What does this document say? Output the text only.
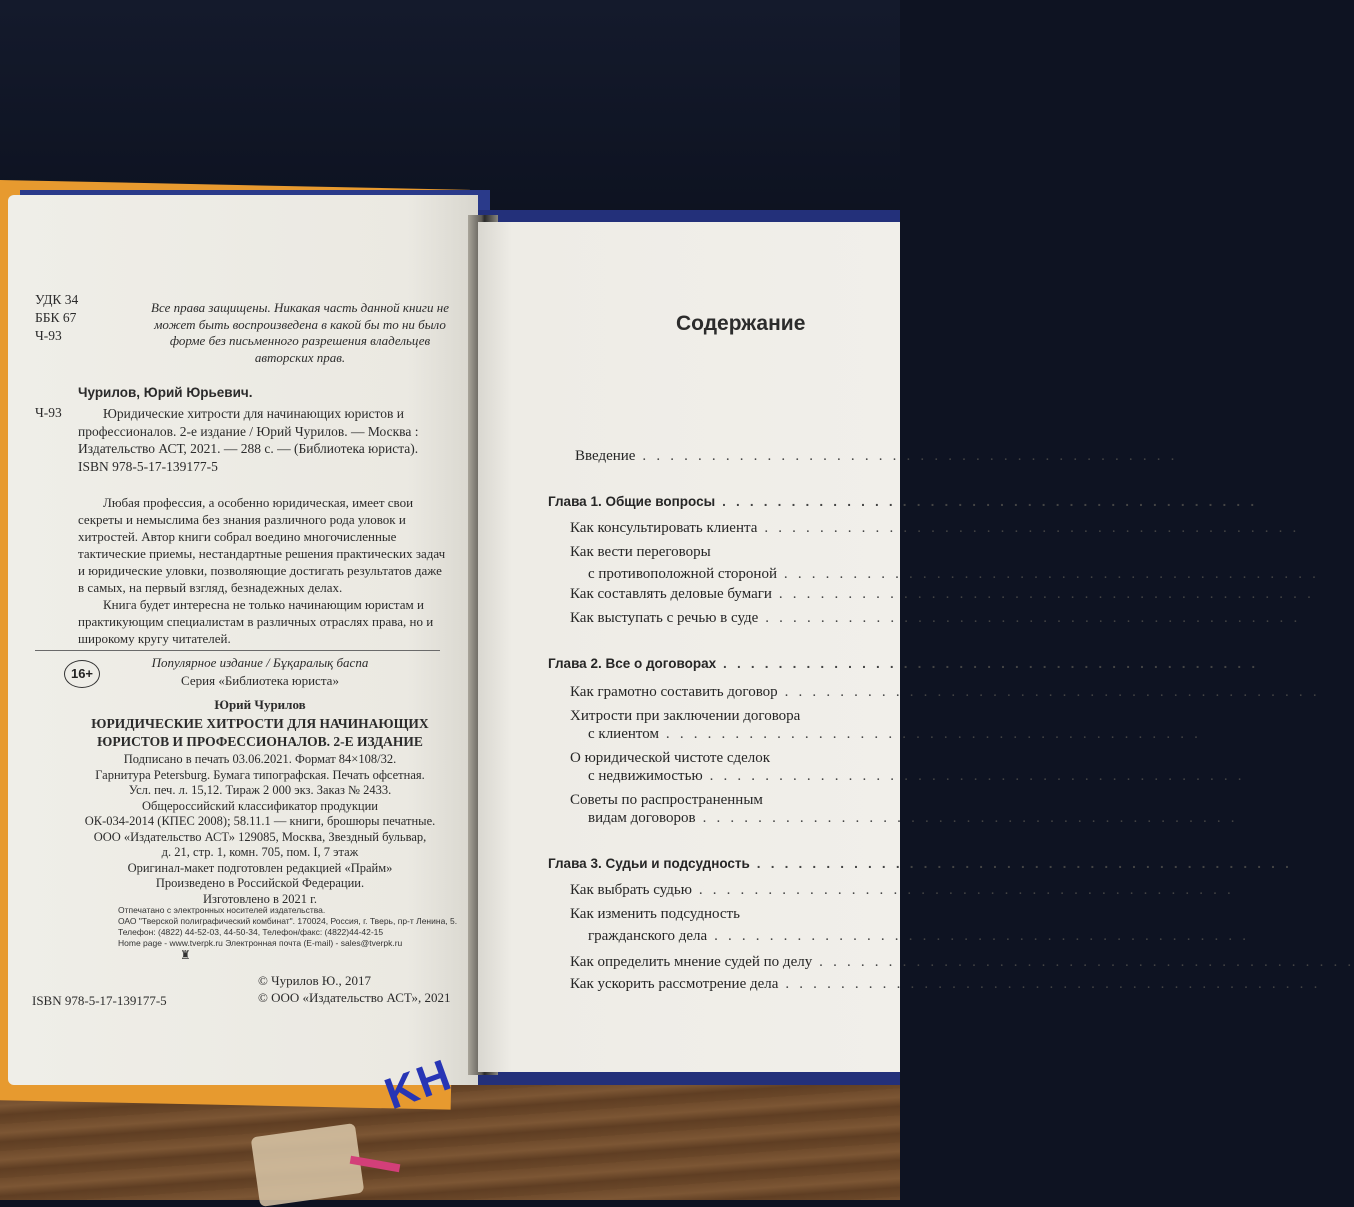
УДК 34
ББК 67
Ч-93
Все права защищены. Никакая часть данной книги не может быть воспроизведена в какой бы то ни было форме без письменного разрешения владельцев авторских прав.
Чурилов, Юрий Юрьевич.
Ч-93	Юридические хитрости для начинающих юристов и профессионалов. 2-е издание / Юрий Чурилов. — Москва : Издательство АСТ, 2021. — 288 с. — (Библиотека юриста).
ISBN 978-5-17-139177-5

Любая профессия, а особенно юридическая, имеет свои секреты и немыслима без знания различного рода уловок и хитростей. Автор книги собрал воедино многочисленные тактические приемы, нестандартные решения практических задач и юридические уловки, позволяющие достигать результатов даже в самых, на первый взгляд, безнадежных делах.

Книга будет интересна не только начинающим юристам и практикующим специалистам в различных отраслях права, но и широкому кругу читателей.

16+
Популярное издание / Бұқаралық баспа
Серия «Библиотека юриста»
Юрий Чурилов
ЮРИДИЧЕСКИЕ ХИТРОСТИ ДЛЯ НАЧИНАЮЩИХ ЮРИСТОВ И ПРОФЕССИОНАЛОВ. 2-Е ИЗДАНИЕ
Подписано в печать 03.06.2021. Формат 84×108/32.
Гарнитура Petersburg. Бумага типографская. Печать офсетная.
Усл. печ. л. 15,12. Тираж 2 000 экз. Заказ № 2433.
Общероссийский классификатор продукции
ОК-034-2014 (КПЕС 2008); 58.11.1 — книги, брошюры печатные.
ООО «Издательство АСТ» 129085, Москва, Звездный бульвар,
д. 21, стр. 1, комн. 705, пом. I, 7 этаж
Оригинал-макет подготовлен редакцией «Прайм»
Произведено в Российской Федерации.
Изготовлено в 2021 г.
Отпечатано с электронных носителей издательства.
ОАО "Тверской полиграфический комбинат". 170024, Россия, г. Тверь, пр-т Ленина, 5.
Телефон: (4822) 44-52-03, 44-50-34, Телефон/факс: (4822)44-42-15
Home page - www.tverpk.ru Электронная почта (E-mail) - sales@tverpk.ru
♜
© Чурилов Ю., 2017
© ООО «Издательство АСТ», 2021
ISBN 978-5-17-139177-5
Содержание
Введение . . . . . . . . . . . . . . . . . . . . . . . . . . . . . . . . . . . . . . .
Глава 1. Общие вопросы . . . . . . . . . . . . . . . . . . . . . . . . . . . . . . . . . . . . . . .
Как консультировать клиента . . . . . . . . . . . . . . . . . . . . . . . . . . . . . . . . . . . . . . .
Как вести переговоры
с противоположной стороной . . . . . . . . . . . . . . . . . . . . . . . . . . . . . . . . . . . . . . .
Как составлять деловые бумаги . . . . . . . . . . . . . . . . . . . . . . . . . . . . . . . . . . . . . . .
Как выступать с речью в суде . . . . . . . . . . . . . . . . . . . . . . . . . . . . . . . . . . . . . . .
Глава 2. Все о договорах . . . . . . . . . . . . . . . . . . . . . . . . . . . . . . . . . . . . . . .
Как грамотно составить договор . . . . . . . . . . . . . . . . . . . . . . . . . . . . . . . . . . . . . . .
Хитрости при заключении договора
с клиентом . . . . . . . . . . . . . . . . . . . . . . . . . . . . . . . . . . . . . . .
О юридической чистоте сделок
с недвижимостью . . . . . . . . . . . . . . . . . . . . . . . . . . . . . . . . . . . . . . .
Советы по распространенным
видам договоров . . . . . . . . . . . . . . . . . . . . . . . . . . . . . . . . . . . . . . .
Глава 3. Судьи и подсудность . . . . . . . . . . . . . . . . . . . . . . . . . . . . . . . . . . . . . . .
Как выбрать судью . . . . . . . . . . . . . . . . . . . . . . . . . . . . . . . . . . . . . . .
Как изменить подсудность
гражданского дела . . . . . . . . . . . . . . . . . . . . . . . . . . . . . . . . . . . . . . .
Как определить мнение судей по делу . . . . . . . . . . . . . . . . . . . . . . . . . . . . . . . . . . . . . . .
Как ускорить рассмотрение дела . . . . . . . . . . . . . . . . . . . . . . . . . . . . . . . . . . . . . . .
KH
